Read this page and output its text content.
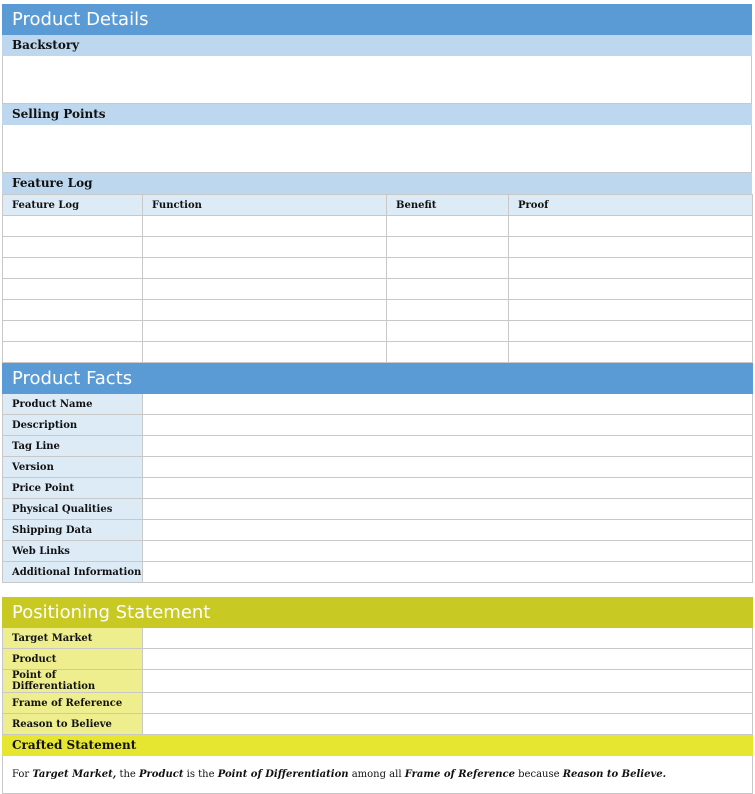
Product Details
Backstory

Selling Points

Feature Log
Feature Log	Function	Benefit	Proof

Product Facts	
Product Name	
Description	
Tag Line	
Version	
Price Point	
Physical Qualities	
Shipping Data	
Web Links	
Additional Information	
Positioning Statement	
Target Market	
Product	
Point of Differentiation	
Frame of Reference	
Reason to Believe	
Crafted Statement	
For Target Market, the Product is the Point of Differentiation among all Frame of Reference because Reason to Believe.	
